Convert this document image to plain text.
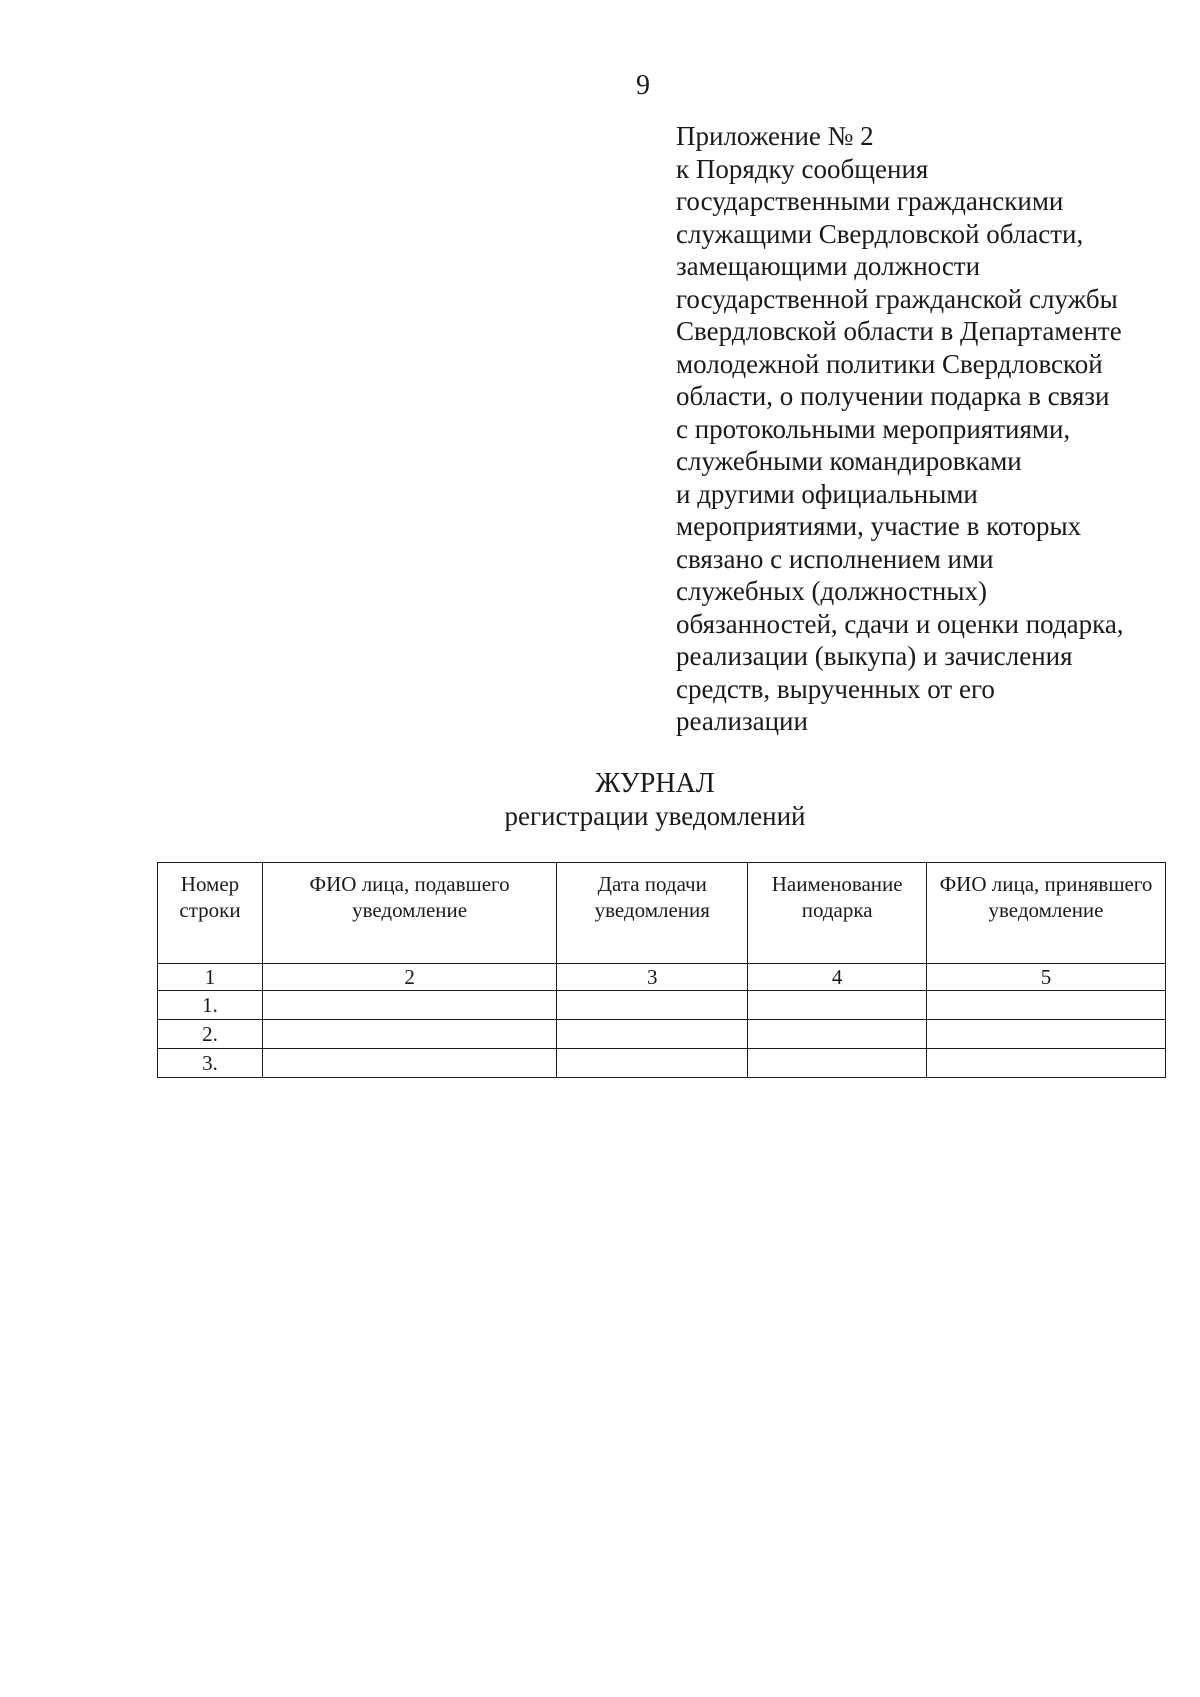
9
Приложение № 2
к Порядку сообщения
государственными гражданскими
служащими Свердловской области,
замещающими должности
государственной гражданской службы
Свердловской области в Департаменте
молодежной политики Свердловской
области, о получении подарка в связи
с протокольными мероприятиями,
служебными командировками
и другими официальными
мероприятиями, участие в которых
связано с исполнением ими
служебных (должностных)
обязанностей, сдачи и оценки подарка,
реализации (выкупа) и зачисления
средств, вырученных от его
реализации
ЖУРНАЛ
регистрации уведомлений
Номер строки	ФИО лица, подавшего уведомление	Дата подачи уведомления	Наименование подарка	ФИО лица, принявшего уведомление
1	2	3	4	5
1.				
2.				
3.				
